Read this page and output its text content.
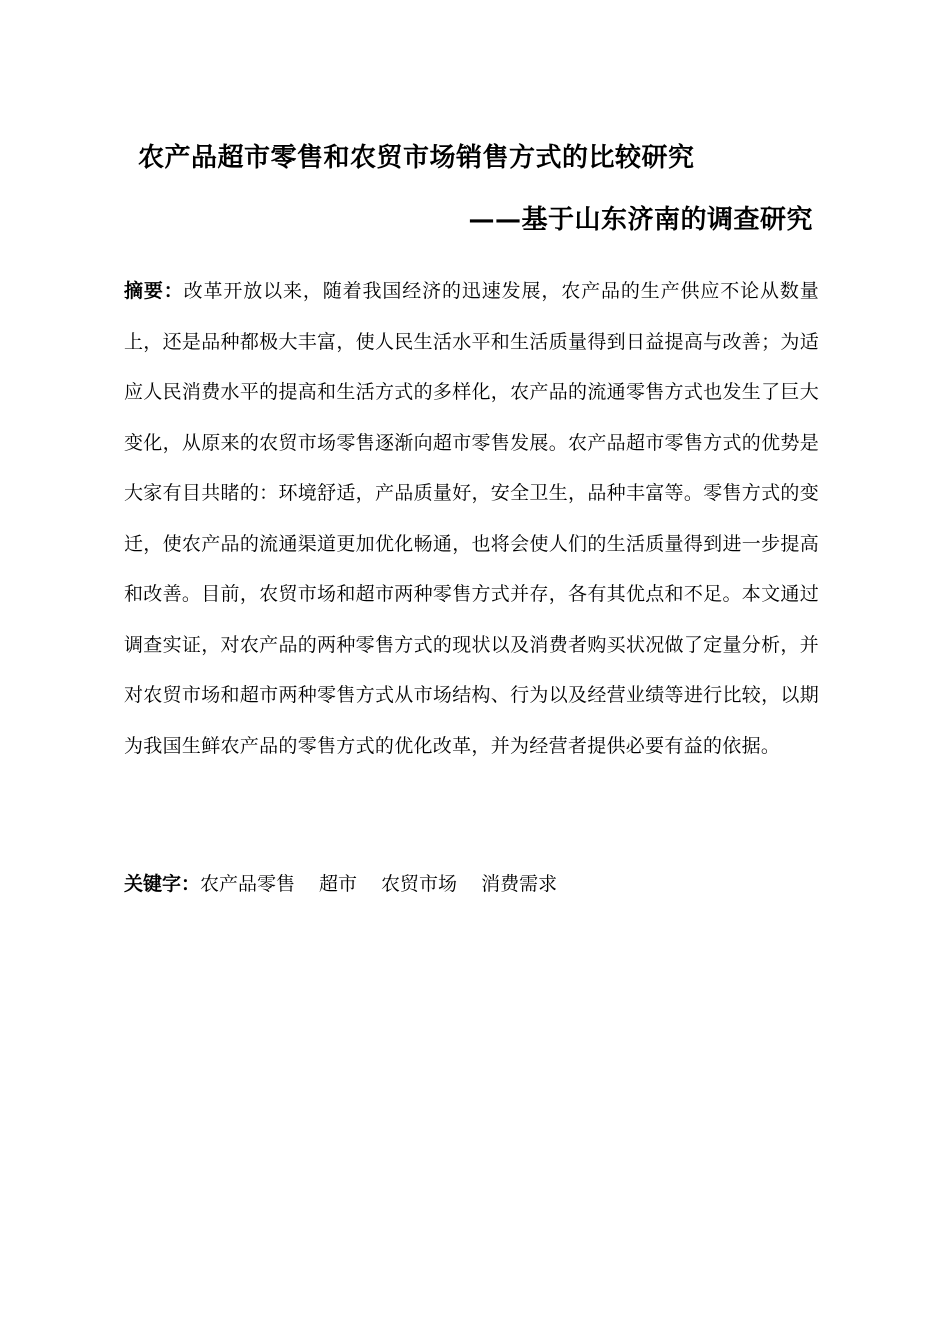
农产品超市零售和农贸市场销售方式的比较研究
——基于山东济南的调查研究
摘要：改革开放以来，随着我国经济的迅速发展，农产品的生产供应不论从数量上，还是品种都极大丰富，使人民生活水平和生活质量得到日益提高与改善；为适应人民消费水平的提高和生活方式的多样化，农产品的流通零售方式也发生了巨大变化，从原来的农贸市场零售逐渐向超市零售发展。农产品超市零售方式的优势是大家有目共睹的：环境舒适，产品质量好，安全卫生，品种丰富等。零售方式的变迁，使农产品的流通渠道更加优化畅通，也将会使人们的生活质量得到进一步提高和改善。目前，农贸市场和超市两种零售方式并存，各有其优点和不足。本文通过调查实证，对农产品的两种零售方式的现状以及消费者购买状况做了定量分析，并对农贸市场和超市两种零售方式从市场结构、行为以及经营业绩等进行比较，以期为我国生鲜农产品的零售方式的优化改革，并为经营者提供必要有益的依据。
关键字：农产品零售 超市 农贸市场 消费需求
